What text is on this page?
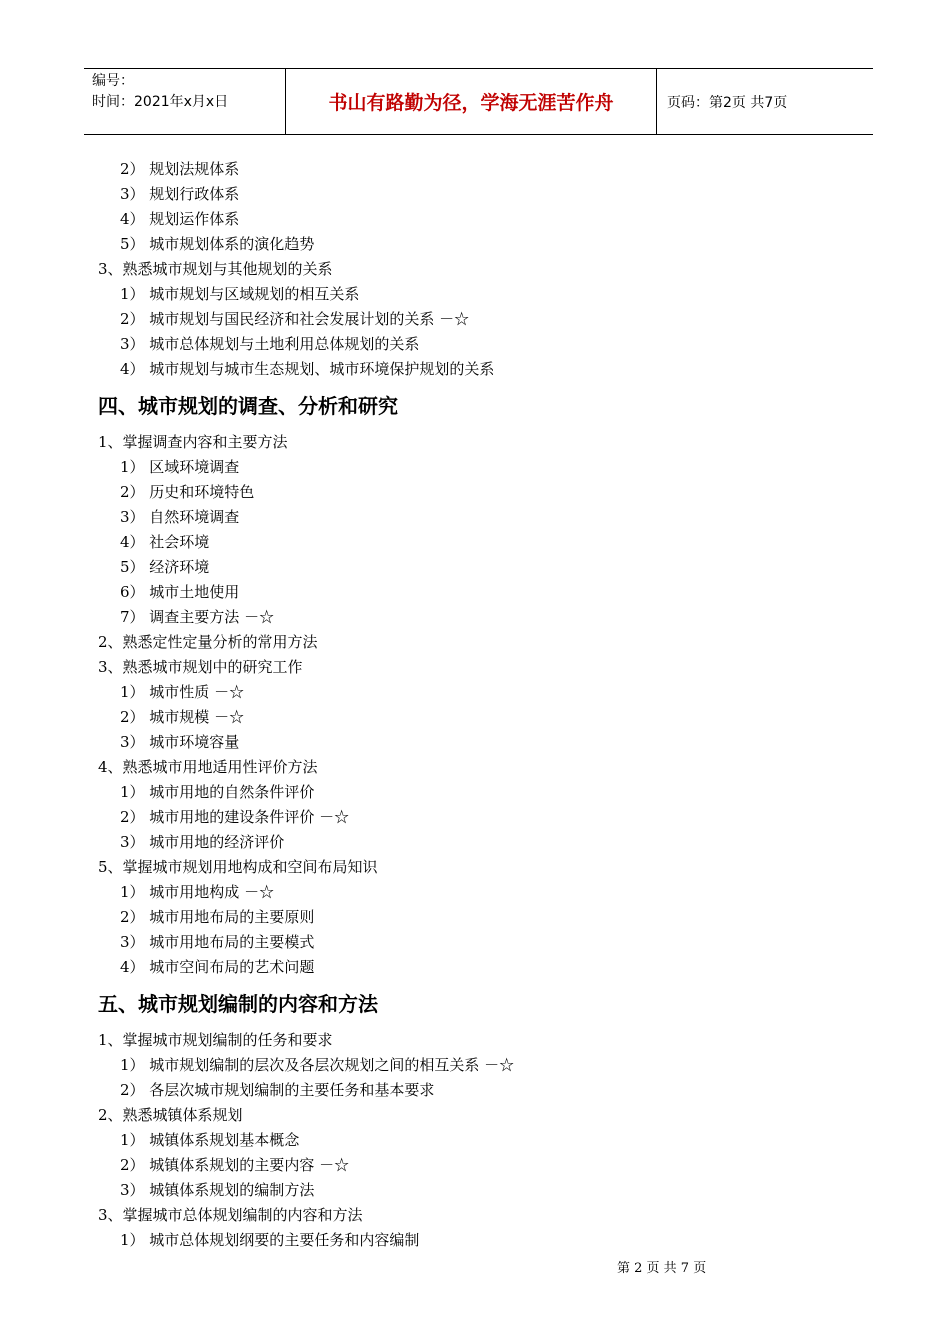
编号：
时间：2021年x月x日	书山有路勤为径，学海无涯苦作舟	页码：第2页 共7页
2） 规划法规体系
3） 规划行政体系
4） 规划运作体系
5） 城市规划体系的演化趋势
3、熟悉城市规划与其他规划的关系
1） 城市规划与区域规划的相互关系
2） 城市规划与国民经济和社会发展计划的关系 －☆
3） 城市总体规划与土地利用总体规划的关系
4） 城市规划与城市生态规划、城市环境保护规划的关系
四、城市规划的调查、分析和研究
1、掌握调查内容和主要方法
1） 区域环境调查
2） 历史和环境特色
3） 自然环境调查
4） 社会环境
5） 经济环境
6） 城市土地使用
7） 调查主要方法 －☆
2、熟悉定性定量分析的常用方法
3、熟悉城市规划中的研究工作
1） 城市性质 －☆
2） 城市规模 －☆
3） 城市环境容量
4、熟悉城市用地适用性评价方法
1） 城市用地的自然条件评价
2） 城市用地的建设条件评价 －☆
3） 城市用地的经济评价
5、掌握城市规划用地构成和空间布局知识
1） 城市用地构成 －☆
2） 城市用地布局的主要原则
3） 城市用地布局的主要模式
4） 城市空间布局的艺术问题
五、城市规划编制的内容和方法
1、掌握城市规划编制的任务和要求
1） 城市规划编制的层次及各层次规划之间的相互关系 －☆
2） 各层次城市规划编制的主要任务和基本要求
2、熟悉城镇体系规划
1） 城镇体系规划基本概念
2） 城镇体系规划的主要内容 －☆
3） 城镇体系规划的编制方法
3、掌握城市总体规划编制的内容和方法
1） 城市总体规划纲要的主要任务和内容编制
第 2 页 共 7 页
